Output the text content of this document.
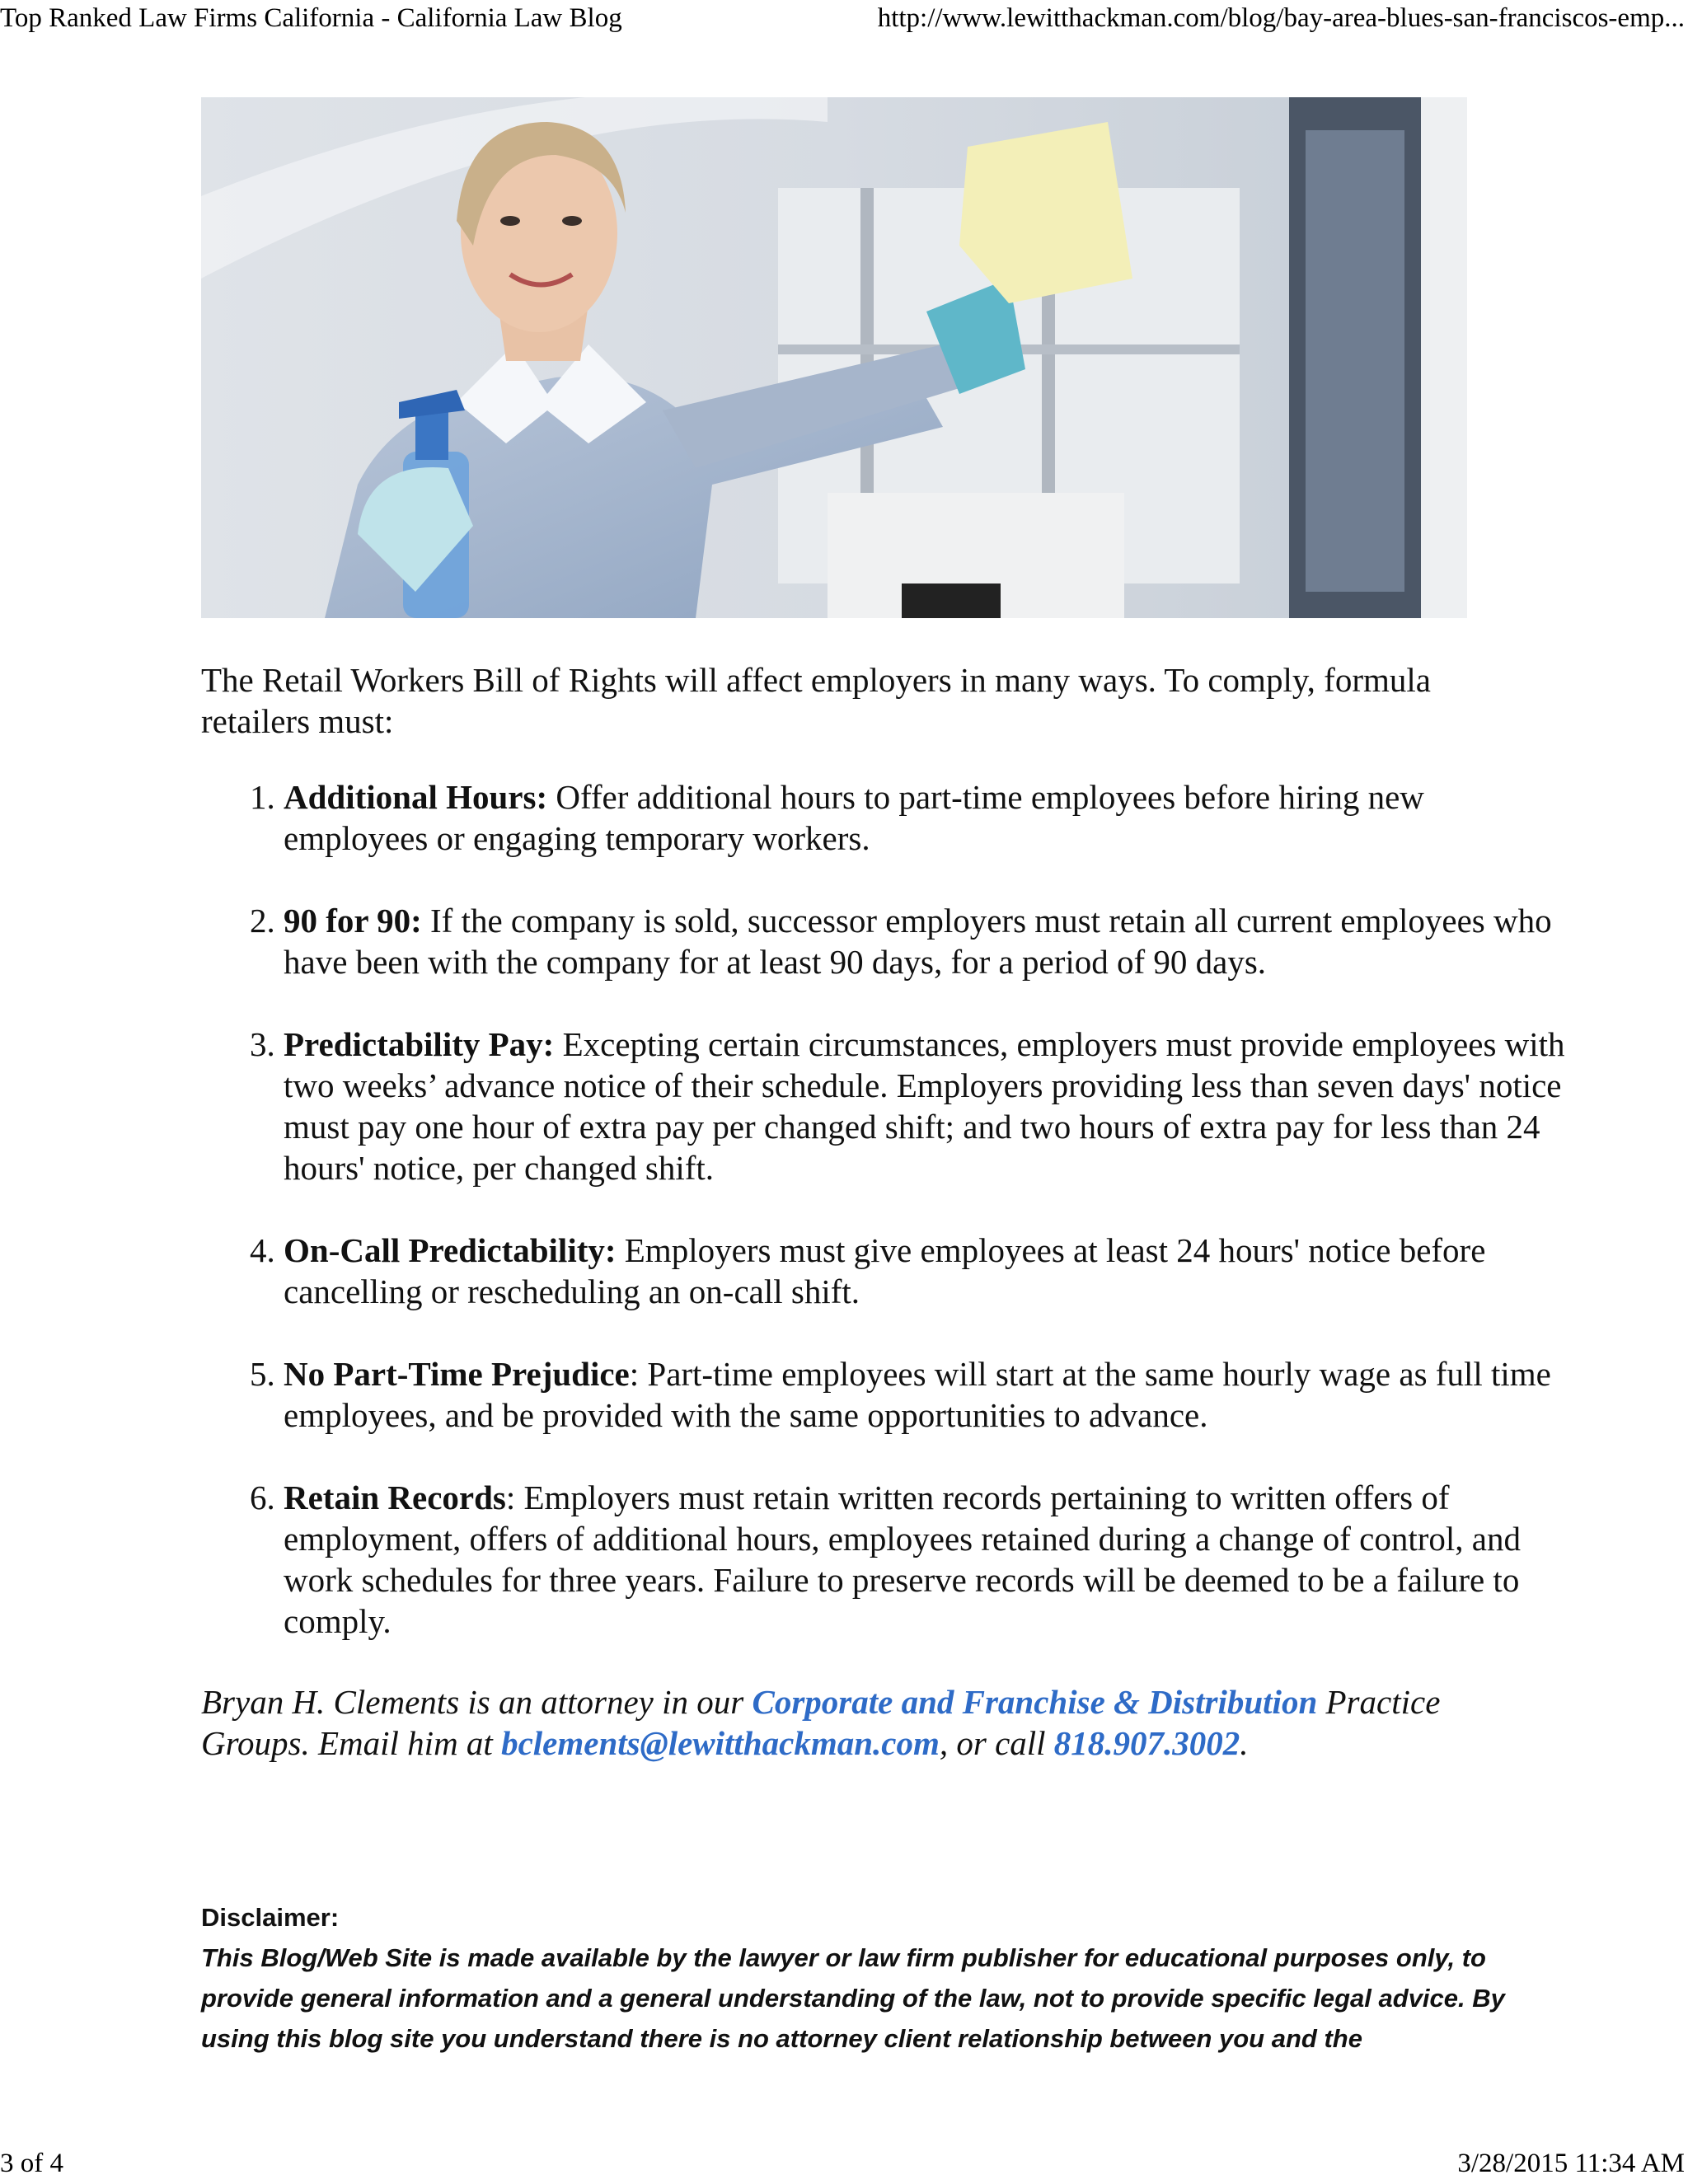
Top Ranked Law Firms California - California Law Blog	http://www.lewitthackman.com/blog/bay-area-blues-san-franciscos-emp...
The Retail Workers Bill of Rights will affect employers in many ways. To comply, formula retailers must:
1. Additional Hours: Offer additional hours to part-time employees before hiring new employees or engaging temporary workers.
2. 90 for 90: If the company is sold, successor employers must retain all current employees who have been with the company for at least 90 days, for a period of 90 days.
3. Predictability Pay: Excepting certain circumstances, employers must provide employees with two weeks’ advance notice of their schedule. Employers providing less than seven days' notice must pay one hour of extra pay per changed shift; and two hours of extra pay for less than 24 hours' notice, per changed shift.
4. On-Call Predictability: Employers must give employees at least 24 hours' notice before cancelling or rescheduling an on-call shift.
5. No Part-Time Prejudice: Part-time employees will start at the same hourly wage as full time employees, and be provided with the same opportunities to advance.
6. Retain Records: Employers must retain written records pertaining to written offers of employment, offers of additional hours, employees retained during a change of control, and work schedules for three years. Failure to preserve records will be deemed to be a failure to comply.
Bryan H. Clements is an attorney in our Corporate and Franchise & Distribution Practice Groups. Email him at bclements@lewitthackman.com, or call 818.907.3002.
Disclaimer:
This Blog/Web Site is made available by the lawyer or law firm publisher for educational purposes only, to provide general information and a general understanding of the law, not to provide specific legal advice. By using this blog site you understand there is no attorney client relationship between you and the
3 of 4	3/28/2015 11:34 AM
